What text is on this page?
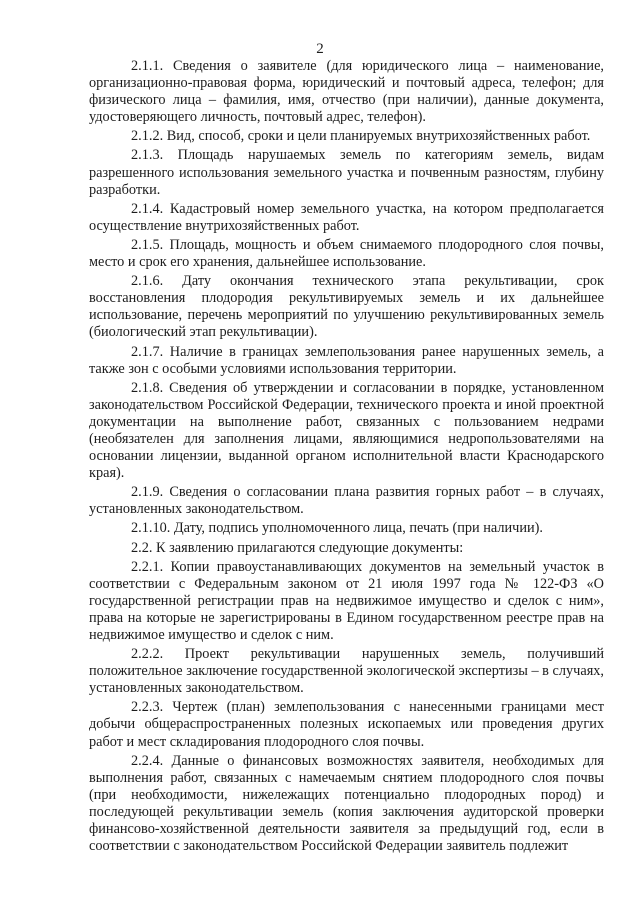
2

2.1.1. Сведения о заявителе (для юридического лица – наименование, организационно-правовая форма, юридический и почтовый адреса, телефон; для физического лица – фамилия, имя, отчество (при наличии), данные документа, удостоверяющего личность, почтовый адрес, телефон).

2.1.2. Вид, способ, сроки и цели планируемых внутрихозяйственных работ.

2.1.3. Площадь нарушаемых земель по категориям земель, видам разрешенного использования земельного участка и почвенным разностям, глубину разработки.

2.1.4. Кадастровый номер земельного участка, на котором предполагается осуществление внутрихозяйственных работ.

2.1.5. Площадь, мощность и объем снимаемого плодородного слоя почвы, место и срок его хранения, дальнейшее использование.

2.1.6. Дату окончания технического этапа рекультивации, срок восстановления плодородия рекультивируемых земель и их дальнейшее использование, перечень мероприятий по улучшению рекультивированных земель (биологический этап рекультивации).

2.1.7. Наличие в границах землепользования ранее нарушенных земель, а также зон с особыми условиями использования территории.

2.1.8. Сведения об утверждении и согласовании в порядке, установленном законодательством Российской Федерации, технического проекта и иной проектной документации на выполнение работ, связанных с пользованием недрами (необязателен для заполнения лицами, являющимися недропользователями на основании лицензии, выданной органом исполнительной власти Краснодарского края).

2.1.9. Сведения о согласовании плана развития горных работ – в случаях, установленных законодательством.

2.1.10. Дату, подпись уполномоченного лица, печать (при наличии).

2.2. К заявлению прилагаются следующие документы:

2.2.1. Копии правоустанавливающих документов на земельный участок в соответствии с Федеральным законом от 21 июля 1997 года № 122-ФЗ «О государственной регистрации прав на недвижимое имущество и сделок с ним», права на которые не зарегистрированы в Едином государственном реестре прав на недвижимое имущество и сделок с ним.

2.2.2. Проект рекультивации нарушенных земель, получивший положительное заключение государственной экологической экспертизы – в случаях, установленных законодательством.

2.2.3. Чертеж (план) землепользования с нанесенными границами мест добычи общераспространенных полезных ископаемых или проведения других работ и мест складирования плодородного слоя почвы.

2.2.4. Данные о финансовых возможностях заявителя, необходимых для выполнения работ, связанных с намечаемым снятием плодородного слоя почвы (при необходимости, нижележащих потенциально плодородных пород) и последующей рекультивации земель (копия заключения аудиторской проверки финансово-хозяйственной деятельности заявителя за предыдущий год, если в соответствии с законодательством Российской Федерации заявитель подлежит
